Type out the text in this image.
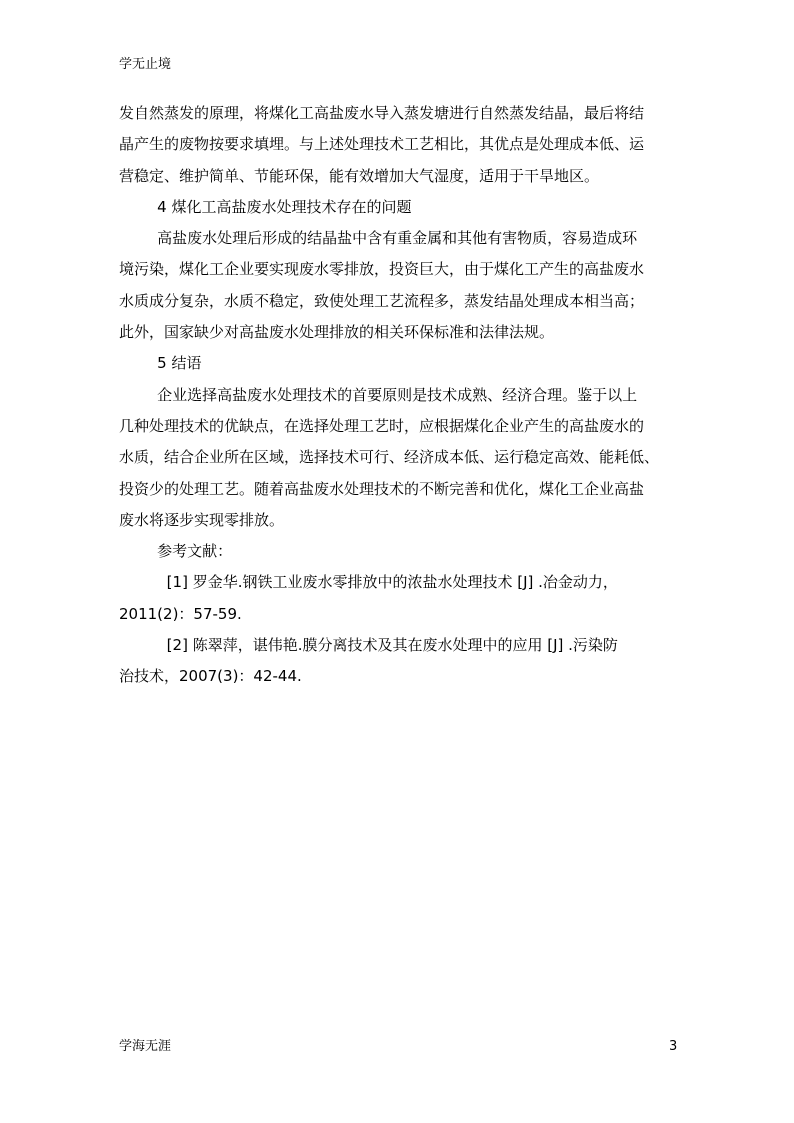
学无止境
发自然蒸发的原理，将煤化工高盐废水导入蒸发塘进行自然蒸发结晶，最后将结
晶产生的废物按要求填埋。与上述处理技术工艺相比，其优点是处理成本低、运
营稳定、维护简单、节能环保，能有效增加大气湿度，适用于干旱地区。
4 煤化工高盐废水处理技术存在的问题
高盐废水处理后形成的结晶盐中含有重金属和其他有害物质，容易造成环
境污染，煤化工企业要实现废水零排放，投资巨大，由于煤化工产生的高盐废水
水质成分复杂，水质不稳定，致使处理工艺流程多，蒸发结晶处理成本相当高；
此外，国家缺少对高盐废水处理排放的相关环保标准和法律法规。
5 结语
企业选择高盐废水处理技术的首要原则是技术成熟、经济合理。鉴于以上
几种处理技术的优缺点，在选择处理工艺时，应根据煤化企业产生的高盐废水的
水质，结合企业所在区域，选择技术可行、经济成本低、运行稳定高效、能耗低、
投资少的处理工艺。随着高盐废水处理技术的不断完善和优化，煤化工企业高盐
废水将逐步实现零排放。
参考文献：
[1] 罗金华.钢铁工业废水零排放中的浓盐水处理技术 [J] .冶金动力，
2011(2)：57-59.
[2] 陈翠萍，谌伟艳.膜分离技术及其在废水处理中的应用 [J] .污染防
治技术，2007(3)：42-44.
学海无涯	3
